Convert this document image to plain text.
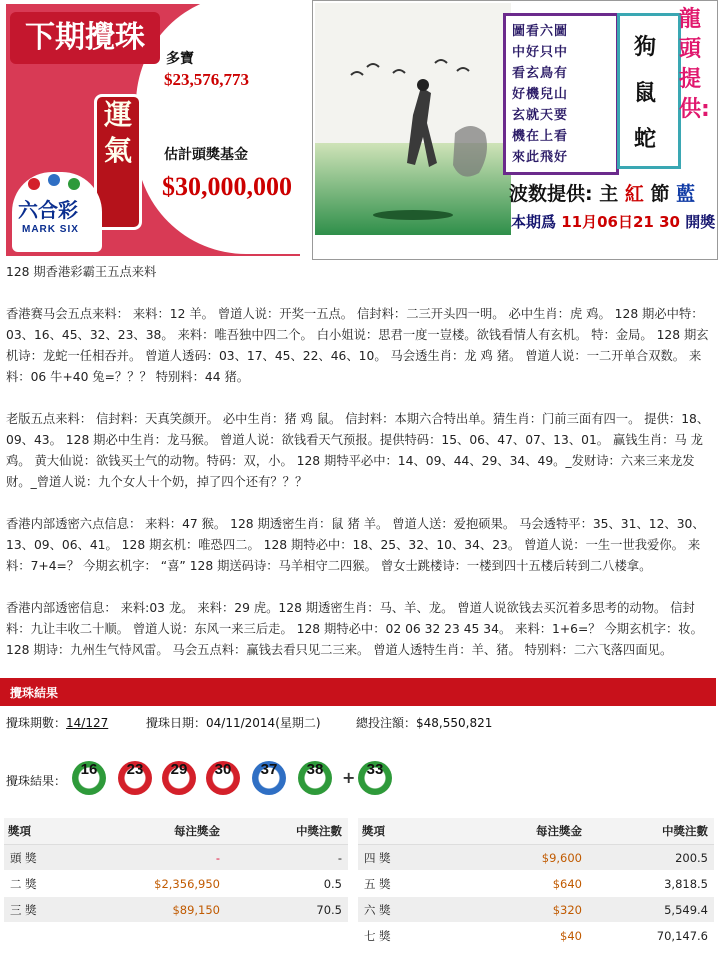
下期攪珠
多寶
$23,576,773
估計頭獎基金
$30,000,000
運氣
六合彩
MARK SIX
圖看六圖
中好只中
看玄鳥有
好機兒山
玄就天要
機在上看
來此飛好
狗
鼠
蛇
龍頭提供:
波数提供: 主 紅 節 藍
本期爲 11月06日21 30 開獎

128 期香港彩霸王五点来料

香港赛马会五点来料： 来料：12 羊。 曾道人说：开奖一五点。 信封料：二三开头四一明。 必中生肖：虎 鸡。 128 期必中特：03、16、45、32、23、38。 来料：唯吾独中四二个。 白小姐说：思君一度一豈楼。欲钱看情人有玄机。 特：金局。 128 期玄机诗：龙蛇一任相吞并。 曾道人透码：03、17、45、22、46、10。 马会透生肖：龙 鸡 猪。 曾道人说：一二开单合双数。 来料：06 牛+40 兔=？？？ 特别料：44 猪。

老版五点来料： 信封料：天真笑颜开。 必中生肖：猪 鸡 鼠。 信封料：本期六合特出单。猜生肖：门前三面有四一。 提供：18、09、43。 128 期必中生肖：龙马猴。 曾道人说：欲钱看天气预报。提供特码：15、06、47、07、13、01。 赢钱生肖：马 龙 鸡。 黄大仙说：欲钱买土气的动物。特码：双，小。 128 期特平必中：14、09、44、29、34、49。_发财诗：六来三来龙发财。_曾道人说：九个女人十个奶，掉了四个还有？？？

香港内部透密六点信息： 来料：47 猴。 128 期透密生肖：鼠 猪 羊。 曾道人送：爱抱硕果。 马会透特平：35、31、12、30、13、09、06、41。 128 期玄机：唯恐四二。 128 期特必中：18、25、32、10、34、23。 曾道人说：一生一世我爱你。 来料：7+4=？ 今期玄机字： “喜” 128 期送码诗：马羊相守二四猴。 曾女士跳楼诗：一楼到四十五楼后转到二八楼拿。

香港内部透密信息： 来料:03 龙。 来料：29 虎。128 期透密生肖：马、羊、龙。 曾道人说欲钱去买沉着多思考的动物。 信封料：九让丰收二十顺。 曾道人说：东风一来三后走。 128 期特必中：02 06 32 23 45 34。 来料：1+6=？ 今期玄机字：妆。 128 期诗：九州生气恃风雷。 马会五点料：赢钱去看只见二三来。 曾道人透特生肖：羊、猪。 特别料：二六飞落四面见。

攪珠結果
攪珠期數：14/127	攪珠日期：04/11/2014(星期二)	總投注額：$48,550,821
攪珠結果：
16	23	29	30	37	38	33
+
獎項	每注獎金	中獎注數
頭 獎	-	-
二 獎	$2,356,950	0.5
三 獎	$89,150	70.5
獎項	每注獎金	中獎注數
四 獎	$9,600	200.5
五 獎	$640	3,818.5
六 獎	$320	5,549.4
七 獎	$40	70,147.6
